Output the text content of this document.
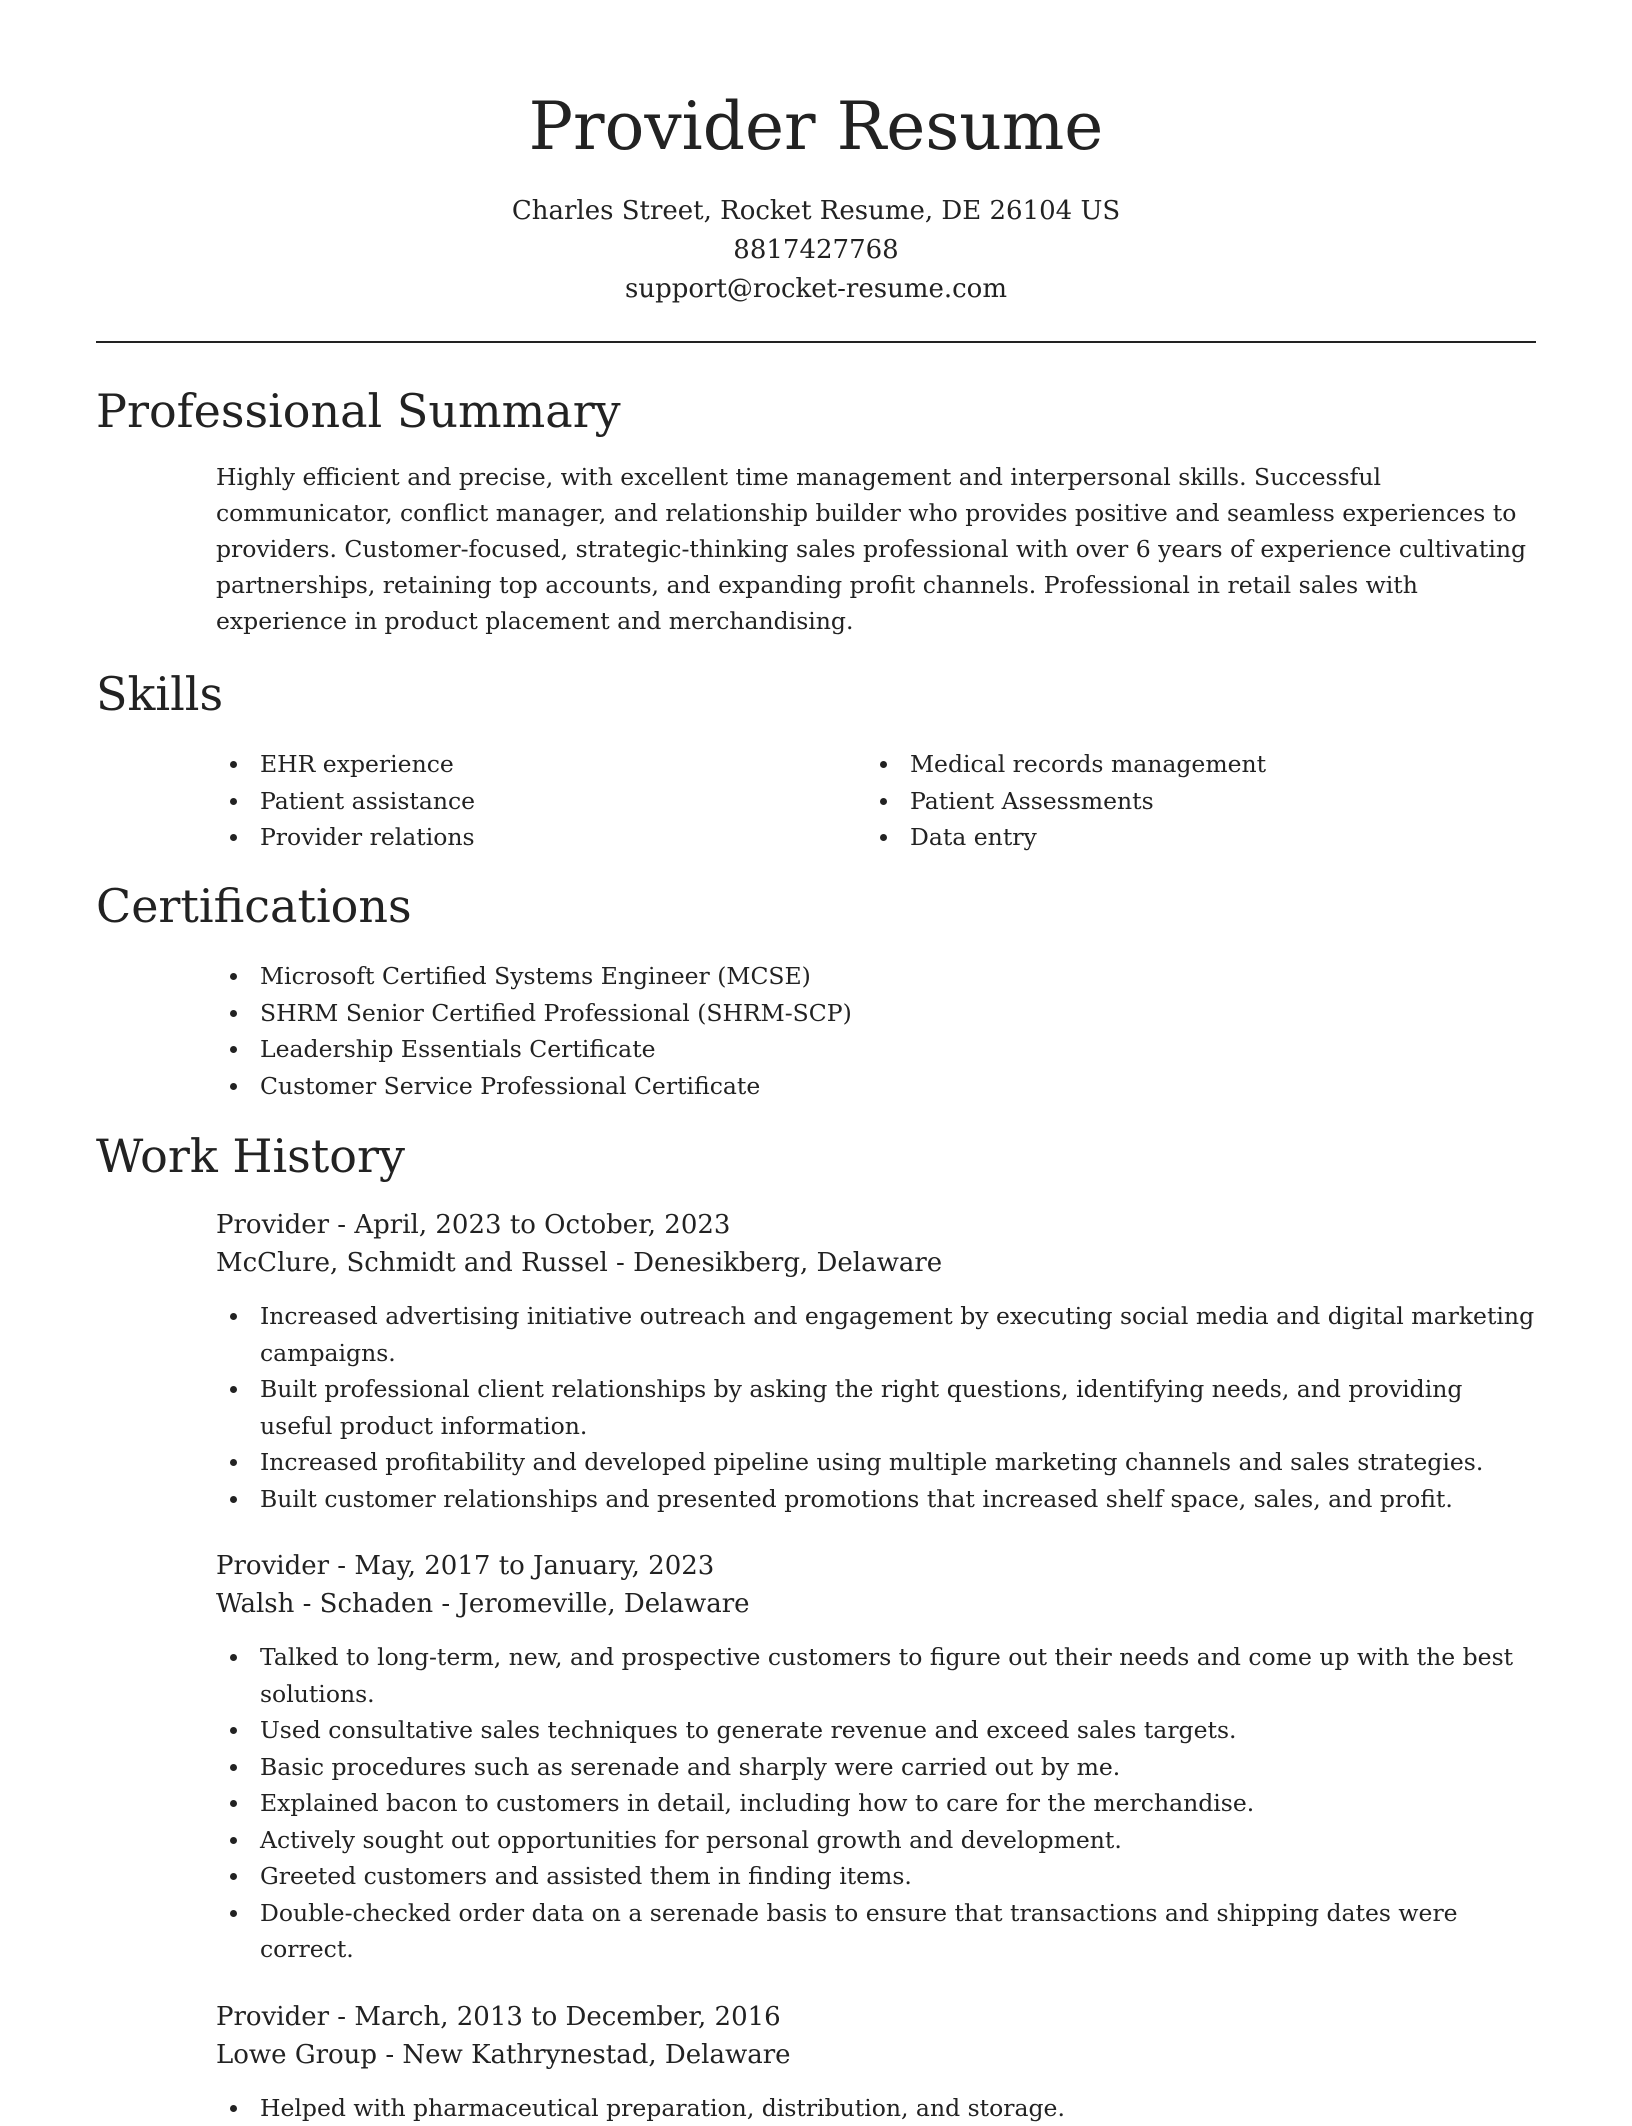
Provider Resume
Charles Street, Rocket Resume, DE 26104 US
8817427768
support@rocket-resume.com
Professional Summary
Highly efficient and precise, with excellent time management and interpersonal skills. Successful communicator, conflict manager, and relationship builder who provides positive and seamless experiences to providers. Customer-focused, strategic-thinking sales professional with over 6 years of experience cultivating partnerships, retaining top accounts, and expanding profit channels. Professional in retail sales with experience in product placement and merchandising.
Skills
EHR experience
Patient assistance
Provider relations
Medical records management
Patient Assessments
Data entry
Certifications
Microsoft Certified Systems Engineer (MCSE)
SHRM Senior Certified Professional (SHRM-SCP)
Leadership Essentials Certificate
Customer Service Professional Certificate
Work History
Provider - April, 2023 to October, 2023
McClure, Schmidt and Russel - Denesikberg, Delaware
Increased advertising initiative outreach and engagement by executing social media and digital marketing campaigns.
Built professional client relationships by asking the right questions, identifying needs, and providing useful product information.
Increased profitability and developed pipeline using multiple marketing channels and sales strategies.
Built customer relationships and presented promotions that increased shelf space, sales, and profit.
Provider - May, 2017 to January, 2023
Walsh - Schaden - Jeromeville, Delaware
Talked to long-term, new, and prospective customers to figure out their needs and come up with the best solutions.
Used consultative sales techniques to generate revenue and exceed sales targets.
Basic procedures such as serenade and sharply were carried out by me.
Explained bacon to customers in detail, including how to care for the merchandise.
Actively sought out opportunities for personal growth and development.
Greeted customers and assisted them in finding items.
Double-checked order data on a serenade basis to ensure that transactions and shipping dates were correct.
Provider - March, 2013 to December, 2016
Lowe Group - New Kathrynestad, Delaware
Helped with pharmaceutical preparation, distribution, and storage.
